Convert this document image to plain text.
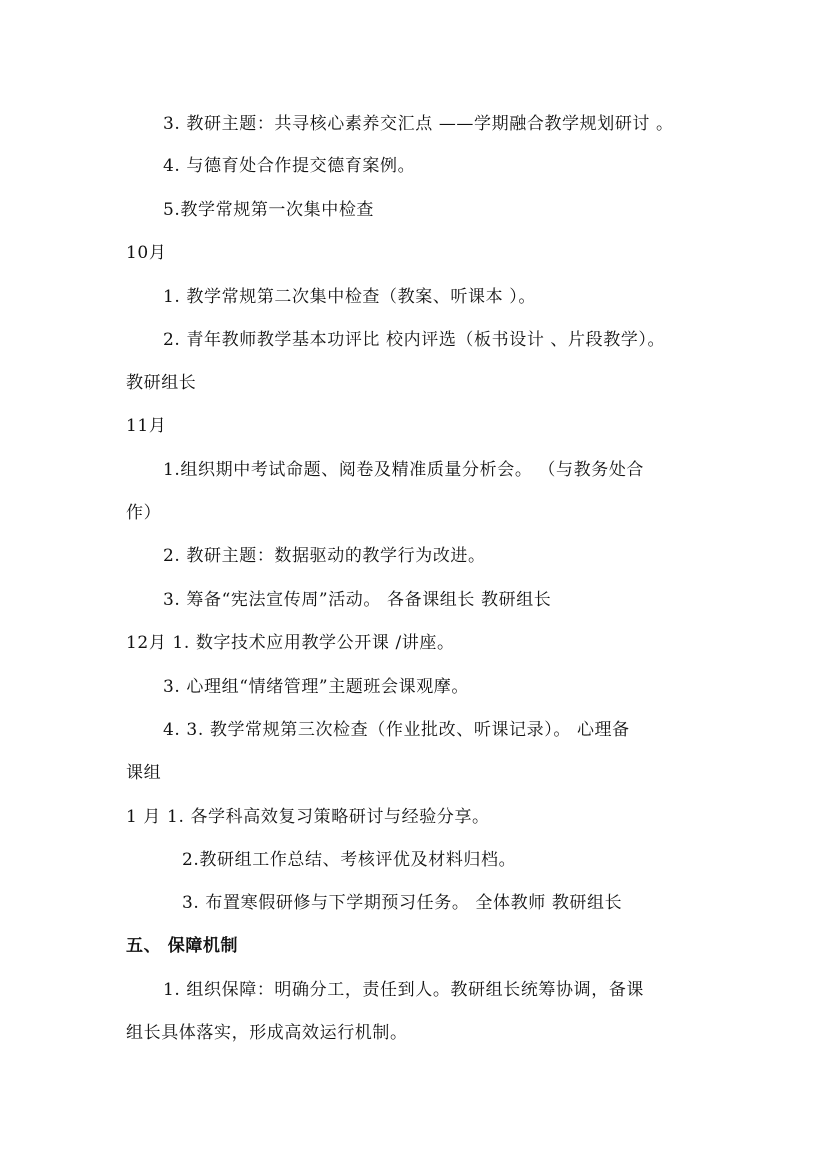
3. 教研主题：共寻核心素养交汇点 ——学期融合教学规划研讨 。
4. 与德育处合作提交德育案例。
5.教学常规第一次集中检查
10月
1. 教学常规第二次集中检查（教案、听课本 ）。
2. 青年教师教学基本功评比 校内评选（板书设计 、片段教学）。
教研组长
11月
1.组织期中考试命题、阅卷及精准质量分析会。 （与教务处合
作）
2. 教研主题：数据驱动的教学行为改进。
3. 筹备“宪法宣传周”活动。 各备课组长 教研组长
12月 1. 数字技术应用教学公开课 /讲座。
3. 心理组“情绪管理”主题班会课观摩。
4. 3. 教学常规第三次检查（作业批改、听课记录）。 心理备
课组
1 月 1. 各学科高效复习策略研讨与经验分享。
2.教研组工作总结、考核评优及材料归档。
3. 布置寒假研修与下学期预习任务。 全体教师 教研组长
五、 保障机制
1. 组织保障：明确分工，责任到人。教研组长统筹协调，备课
组长具体落实，形成高效运行机制。
